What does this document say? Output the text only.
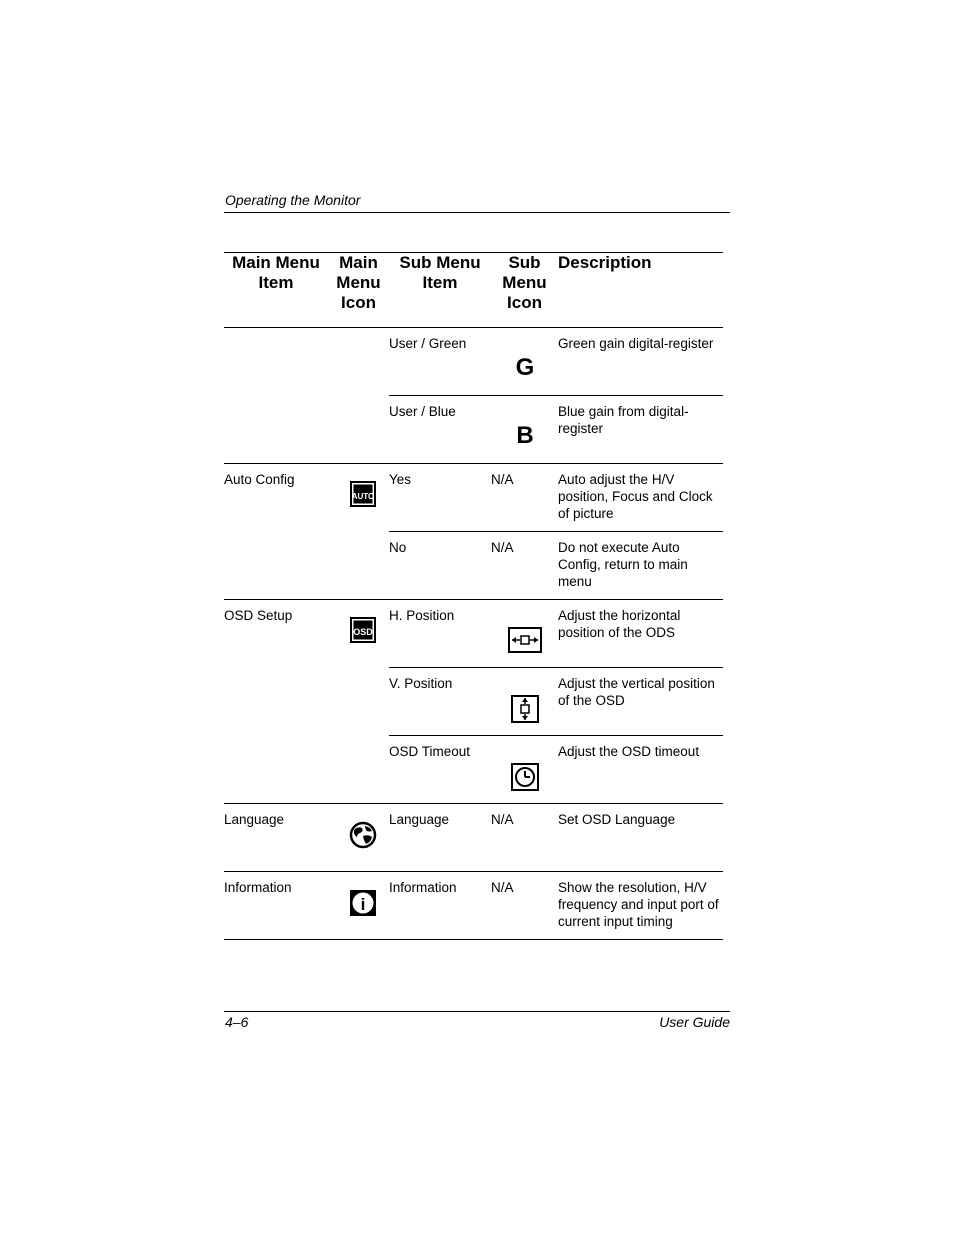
Operating the Monitor
Main Menu Item	Main Menu Icon	Sub Menu Item	Sub Menu Icon	Description
		User / Green	G	Green gain digital-register
		User / Blue	B	Blue gain from digital-register
Auto Config	AUTO	Yes	N/A	Auto adjust the H/V position, Focus and Clock of picture
		No	N/A	Do not execute Auto Config, return to main menu
OSD Setup	OSD	H. Position		Adjust the horizontal position of the ODS
		V. Position		Adjust the vertical position of the OSD
		OSD Timeout		Adjust the OSD timeout
Language		Language	N/A	Set OSD Language
Information	i	Information	N/A	Show the resolution, H/V frequency and input port of current input timing
4–6	User Guide
